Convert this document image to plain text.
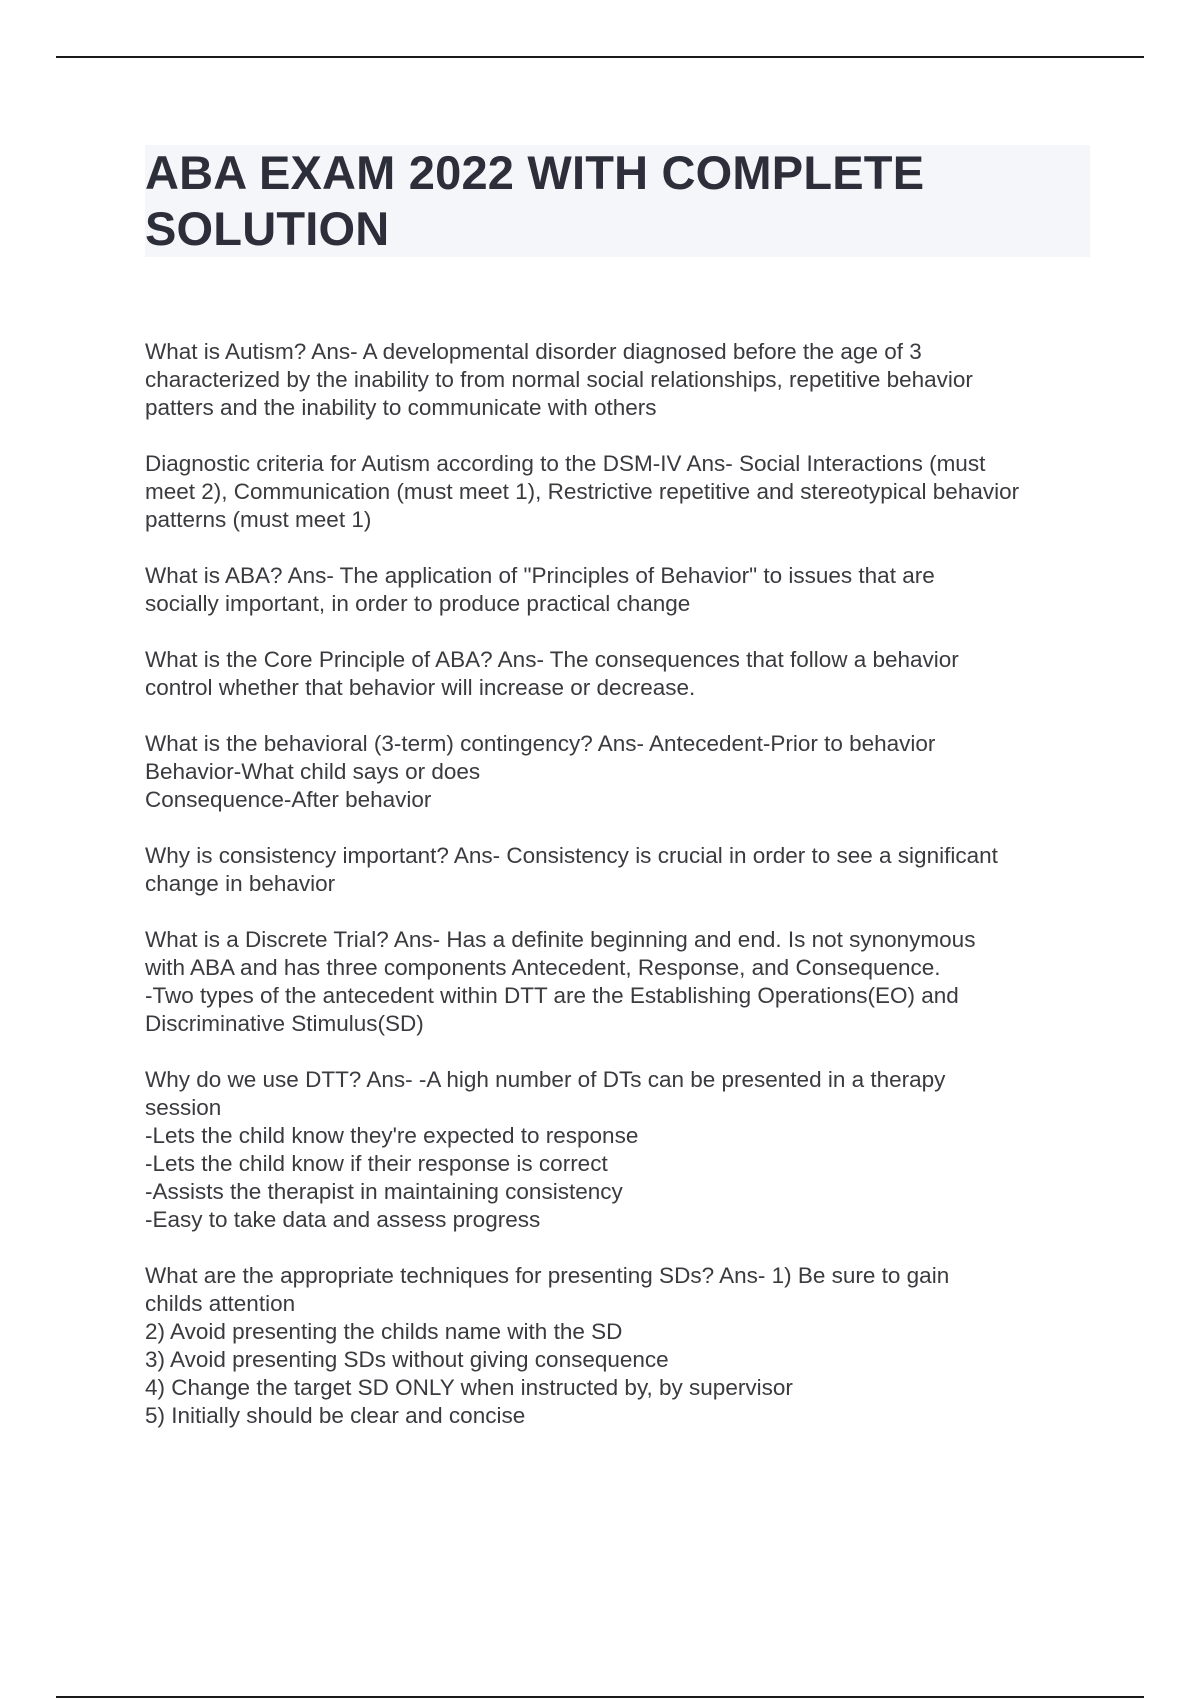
ABA EXAM 2022 WITH COMPLETE
SOLUTION
What is Autism? Ans- A developmental disorder diagnosed before the age of 3
characterized by the inability to from normal social relationships, repetitive behavior
patters and the inability to communicate with others
Diagnostic criteria for Autism according to the DSM-IV Ans- Social Interactions (must
meet 2), Communication (must meet 1), Restrictive repetitive and stereotypical behavior
patterns (must meet 1)
What is ABA? Ans- The application of "Principles of Behavior" to issues that are
socially important, in order to produce practical change
What is the Core Principle of ABA? Ans- The consequences that follow a behavior
control whether that behavior will increase or decrease.
What is the behavioral (3-term) contingency? Ans- Antecedent-Prior to behavior
Behavior-What child says or does
Consequence-After behavior
Why is consistency important? Ans- Consistency is crucial in order to see a significant
change in behavior
What is a Discrete Trial? Ans- Has a definite beginning and end. Is not synonymous
with ABA and has three components Antecedent, Response, and Consequence.
-Two types of the antecedent within DTT are the Establishing Operations(EO) and
Discriminative Stimulus(SD)
Why do we use DTT? Ans- -A high number of DTs can be presented in a therapy
session
-Lets the child know they're expected to response
-Lets the child know if their response is correct
-Assists the therapist in maintaining consistency
-Easy to take data and assess progress
What are the appropriate techniques for presenting SDs? Ans- 1) Be sure to gain
childs attention
2) Avoid presenting the childs name with the SD
3) Avoid presenting SDs without giving consequence
4) Change the target SD ONLY when instructed by, by supervisor
5) Initially should be clear and concise
